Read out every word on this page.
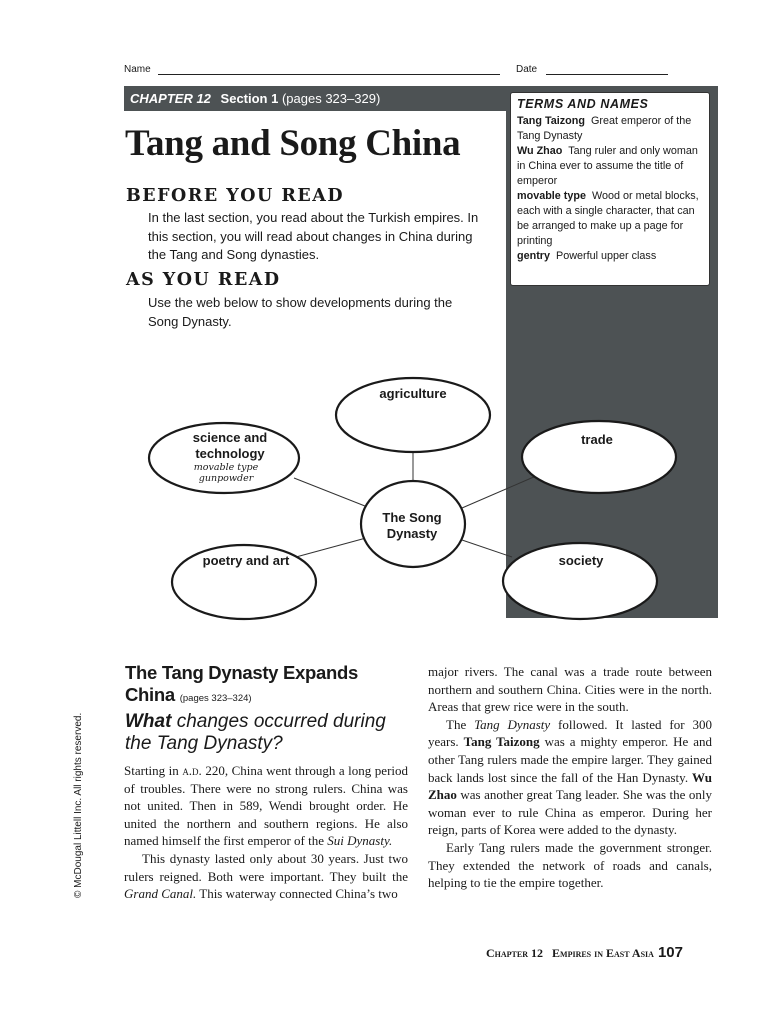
Name	Date
CHAPTER 12 Section 1 (pages 323–329)	TERMS AND NAMES
Tang Taizong Great emperor of the Tang Dynasty
Wu Zhao Tang ruler and only woman in China ever to assume the title of emperor
movable type Wood or metal blocks, each with a single character, that can be arranged to make up a page for printing
gentry Powerful upper class
Tang and Song China
BEFORE YOU READ
In the last section, you read about the Turkish empires. In this section, you will read about changes in China during the Tang and Song dynasties.
AS YOU READ
Use the web below to show developments during the Song Dynasty.
agriculture
science and
technology
movable type
gunpowder
trade
The Song
Dynasty
poetry and art	society
© McDougal Littell Inc. All rights reserved.
The Tang Dynasty Expands
China (pages 323–324)
What changes occurred during the Tang Dynasty?

Starting in a.d. 220, China went through a long period of troubles. There were no strong rulers. China was not united. Then in 589, Wendi brought order. He united the northern and southern regions. He also named himself the first emperor of the Sui Dynasty.

This dynasty lasted only about 30 years. Just two rulers reigned. Both were important. They built the Grand Canal. This waterway connected China’s two

major rivers. The canal was a trade route between northern and southern China. Cities were in the north. Areas that grew rice were in the south.

The Tang Dynasty followed. It lasted for 300 years. Tang Taizong was a mighty emperor. He and other Tang rulers made the empire larger. They gained back lands lost since the fall of the Han Dynasty. Wu Zhao was another great Tang leader. She was the only woman ever to rule China as emperor. During her reign, parts of Korea were added to the dynasty.

Early Tang rulers made the government stronger. They extended the network of roads and canals, helping to tie the empire together.

Chapter 12 Empires in East Asia 107
